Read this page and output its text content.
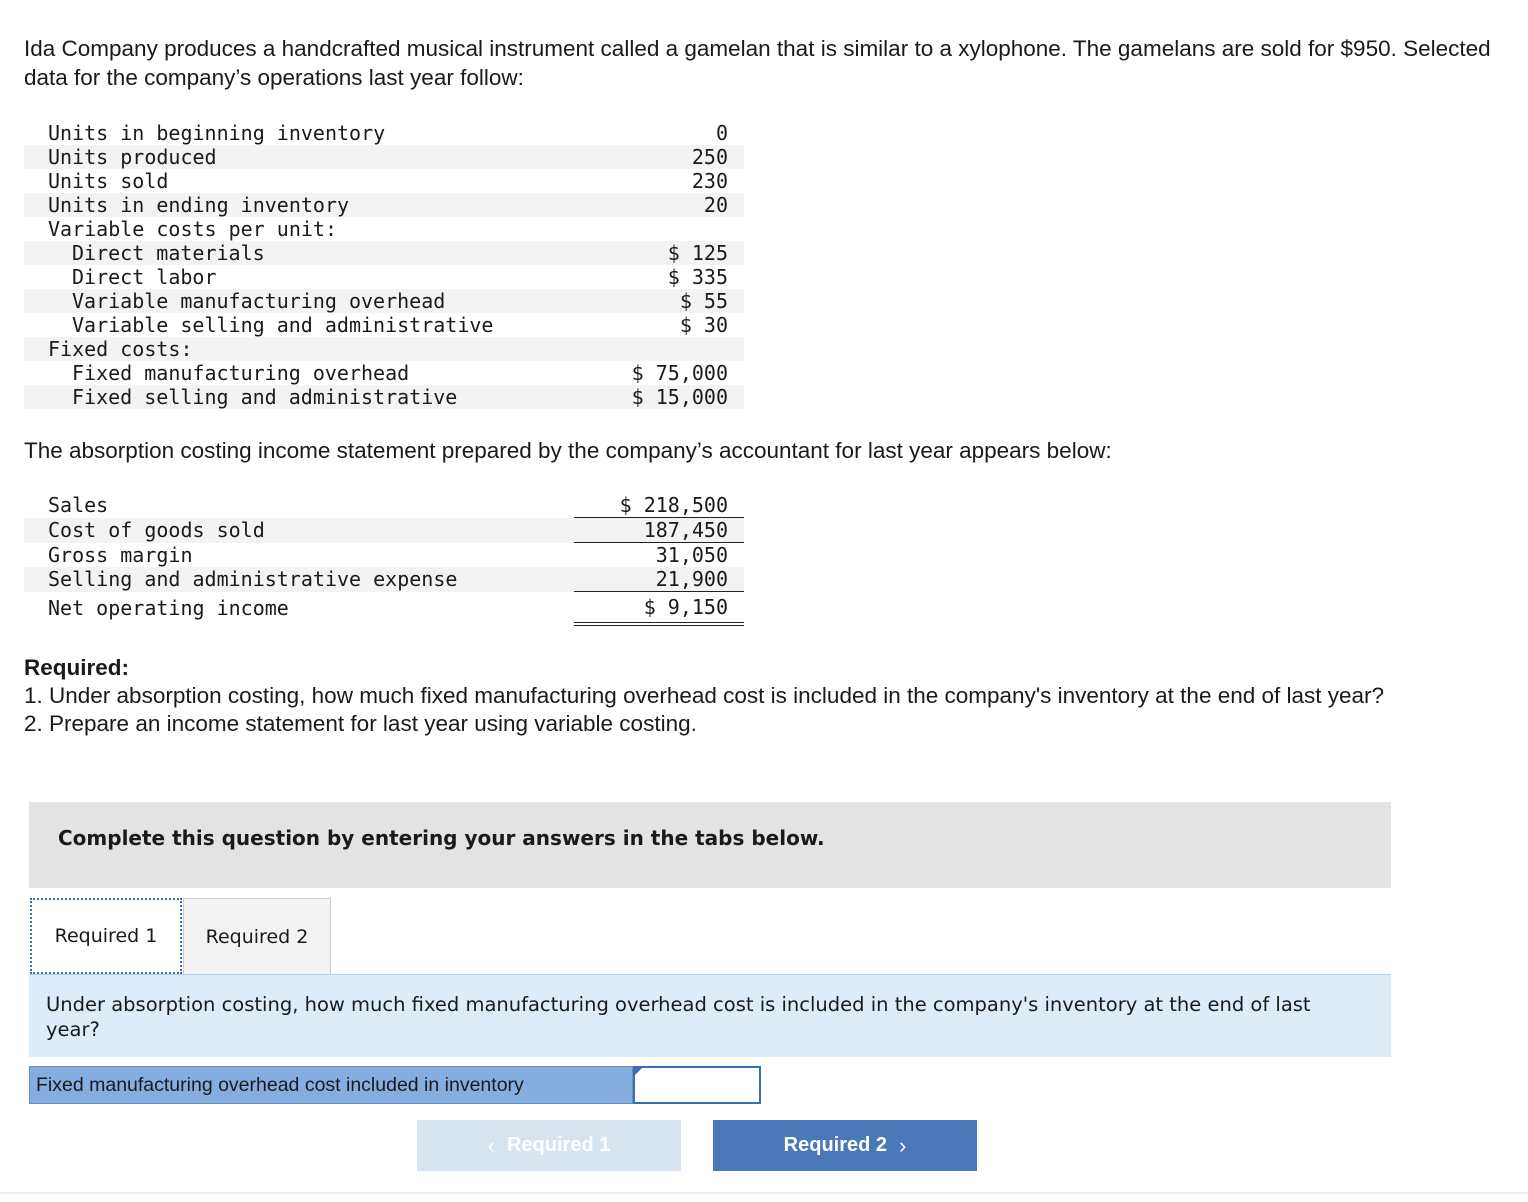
Ida Company produces a handcrafted musical instrument called a gamelan that is similar to a xylophone. The gamelans are sold for $950. Selected data for the company’s operations last year follow:

Units in beginning inventory	0
Units produced	250
Units sold	230
Units in ending inventory	20
Variable costs per unit:	
Direct materials	$ 125
Direct labor	$ 335
Variable manufacturing overhead	$ 55
Variable selling and administrative	$ 30
Fixed costs:	
Fixed manufacturing overhead	$ 75,000
Fixed selling and administrative	$ 15,000

The absorption costing income statement prepared by the company’s accountant for last year appears below:

Sales	$ 218,500
Cost of goods sold	187,450
Gross margin	31,050
Selling and administrative expense	21,900
Net operating income	$ 9,150

Required:

1. Under absorption costing, how much fixed manufacturing overhead cost is included in the company's inventory at the end of last year?

2. Prepare an income statement for last year using variable costing.

Complete this question by entering your answers in the tabs below.
Required 1	Required 2
Under absorption costing, how much fixed manufacturing overhead cost is included in the company's inventory at the end of last year?
Fixed manufacturing overhead cost included in inventory
‹ Required 1	Required 2 ›
